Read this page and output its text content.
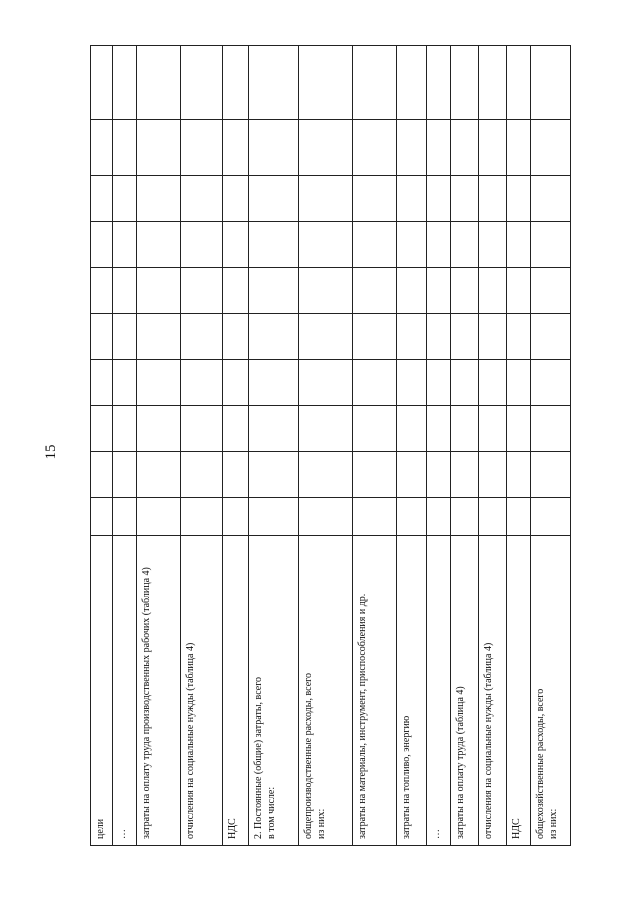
15
цели										
…										
затраты на оплату труда производственных рабочих (таблица 4)										
отчисления на социальные нужды (таблица 4)										
НДС										
2. Постоянные (общие) затраты, всего
в том числе:										
общепроизводственные расходы, всего
из них:										
затраты на материалы, инструмент, приспособления и др.										
затраты на топливо, энергию										
…										
затраты на оплату труда (таблица 4)										
отчисления на социальные нужды (таблица 4)										
НДС										
общехозяйственные расходы, всего
из них:										
